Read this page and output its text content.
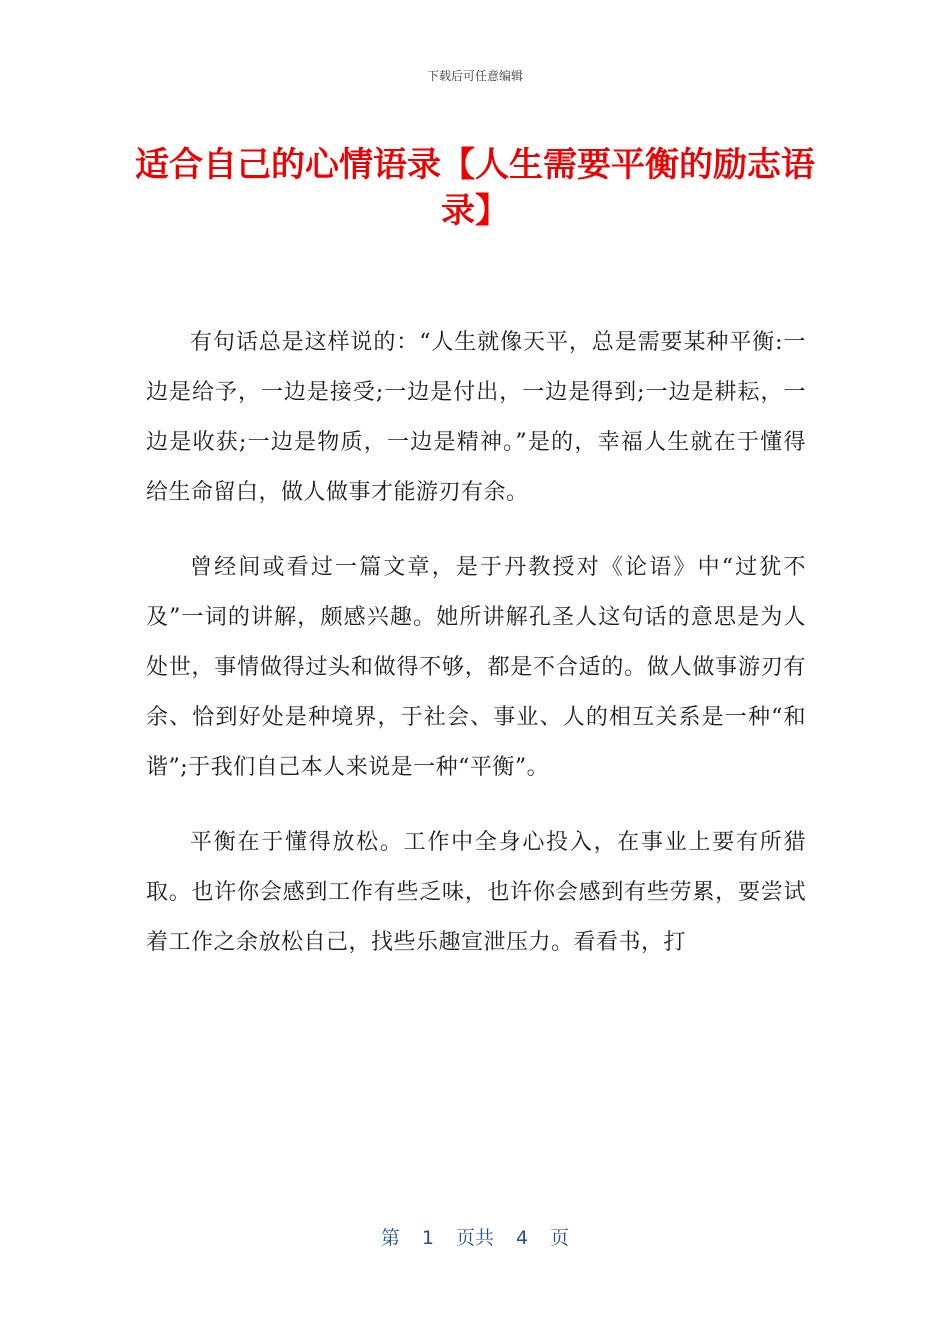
下载后可任意编辑
适合自己的心情语录【人生需要平衡的励志语录】

有句话总是这样说的：“人生就像天平，总是需要某种平衡:一边是给予，一边是接受;一边是付出，一边是得到;一边是耕耘，一边是收获;一边是物质，一边是精神。”是的，幸福人生就在于懂得给生命留白，做人做事才能游刃有余。

曾经间或看过一篇文章，是于丹教授对《论语》中“过犹不及”一词的讲解，颇感兴趣。她所讲解孔圣人这句话的意思是为人处世，事情做得过头和做得不够，都是不合适的。做人做事游刃有余、恰到好处是种境界，于社会、事业、人的相互关系是一种“和谐”;于我们自己本人来说是一种“平衡”。

平衡在于懂得放松。工作中全身心投入，在事业上要有所猎取。也许你会感到工作有些乏味，也许你会感到有些劳累，要尝试着工作之余放松自己，找些乐趣宣泄压力。看看书，打

第 1 页共 4 页
